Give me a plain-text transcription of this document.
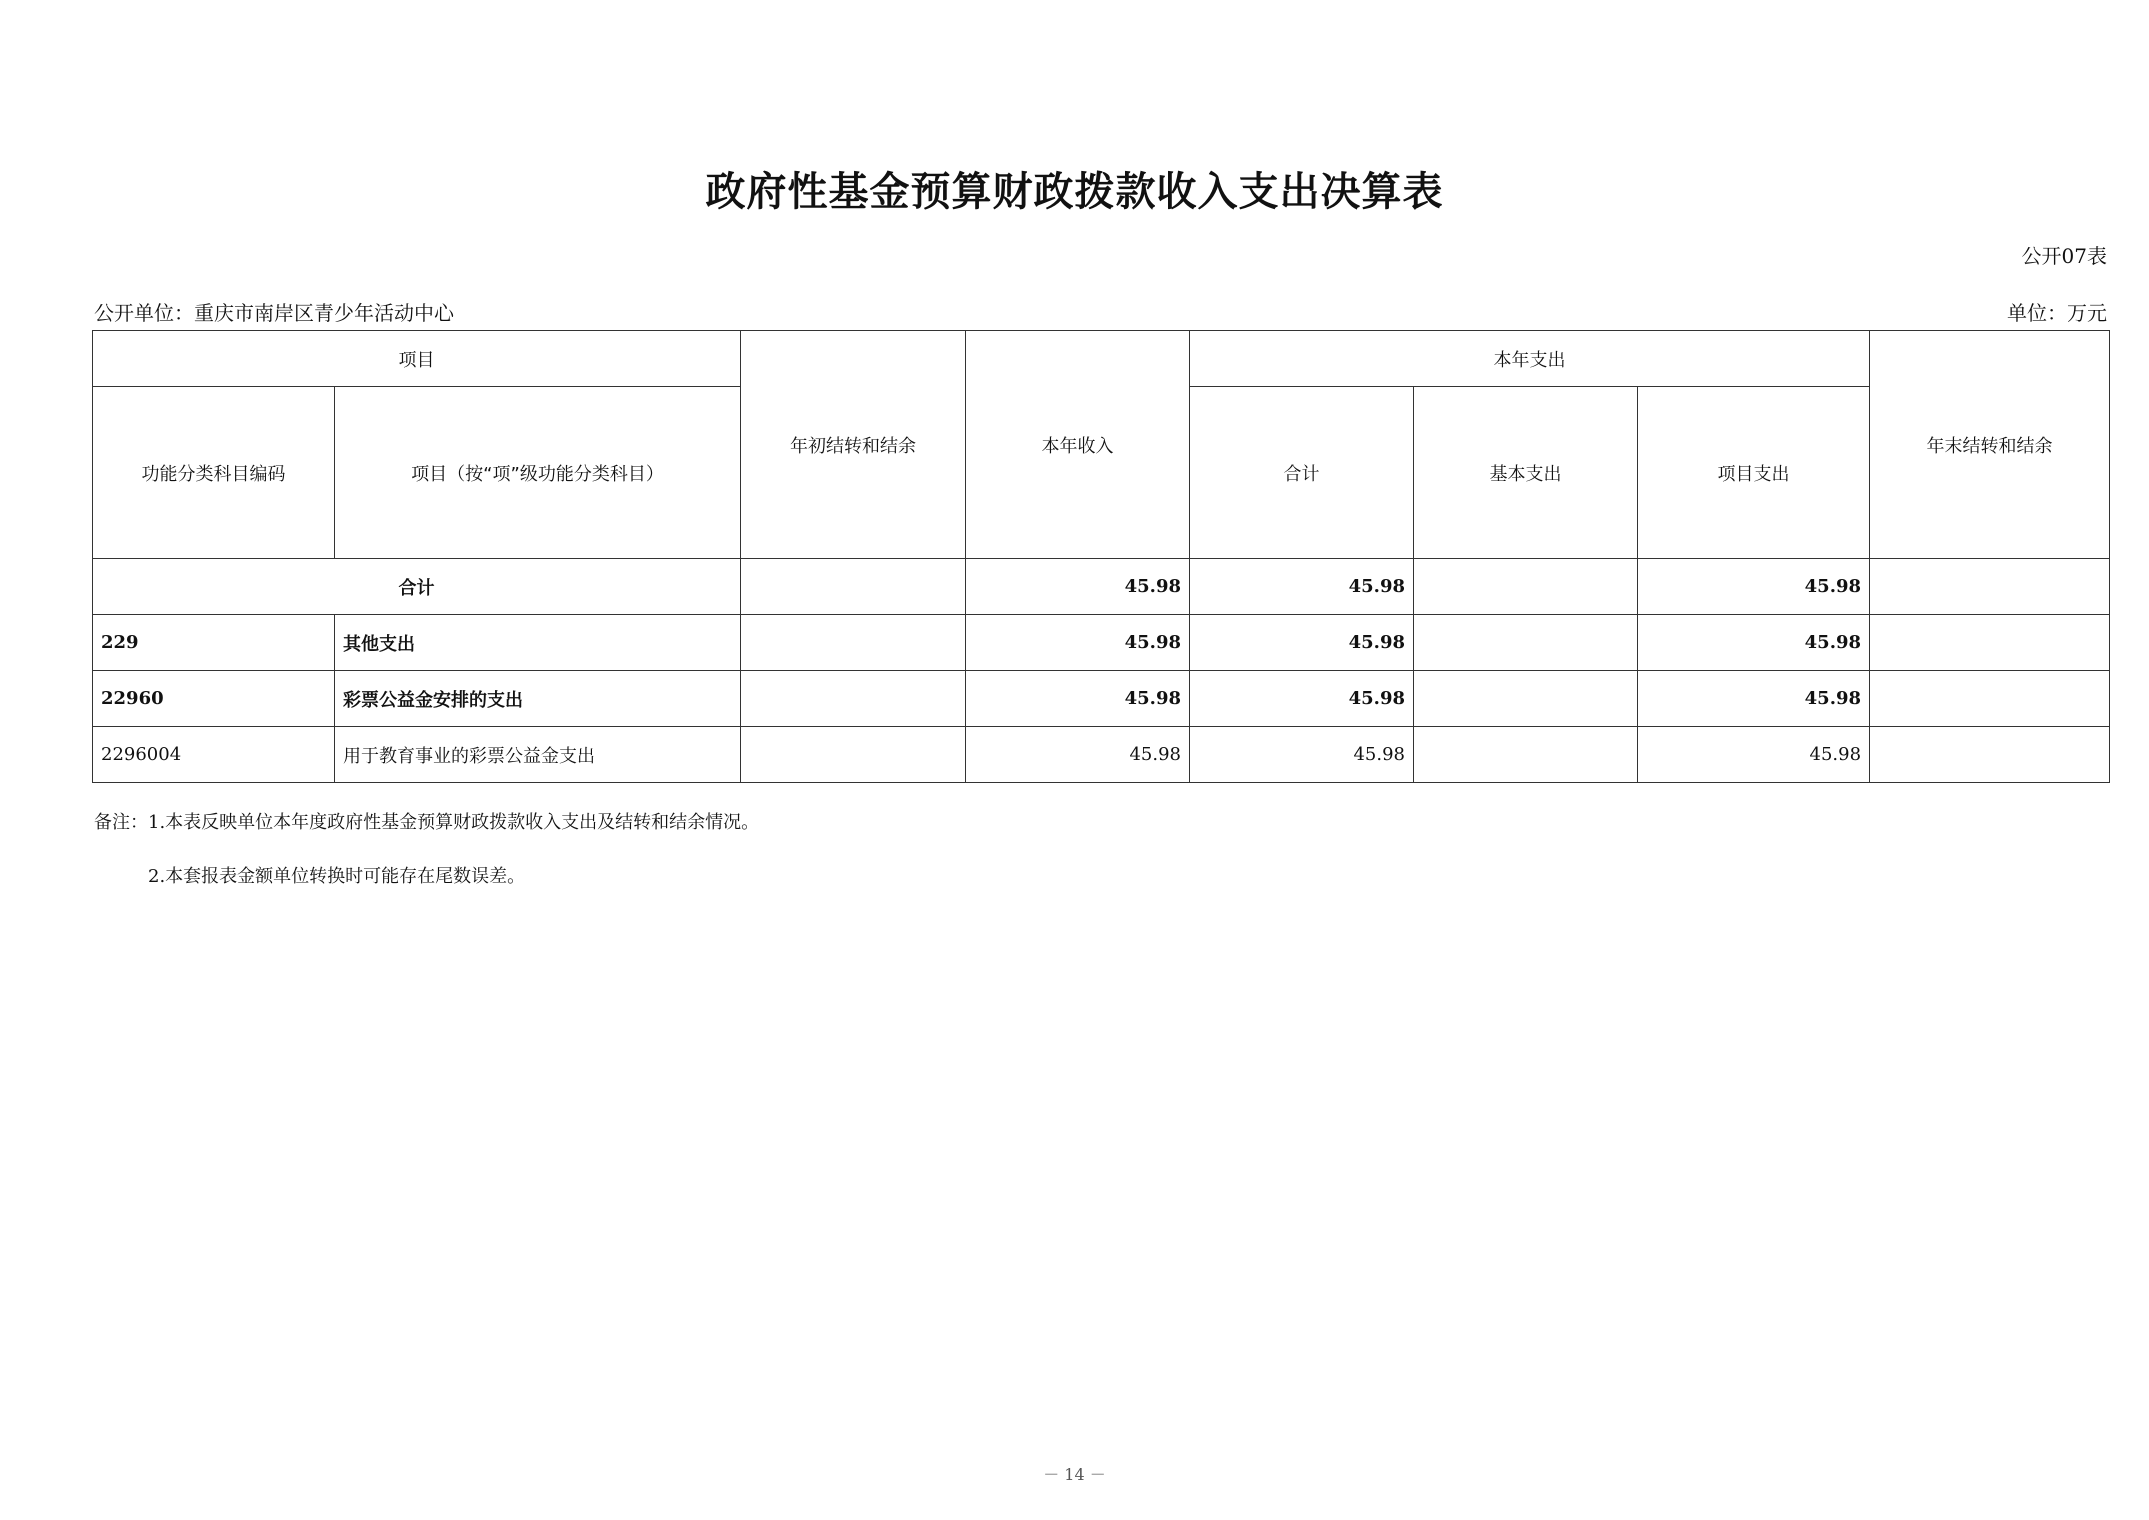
政府性基金预算财政拨款收入支出决算表
公开07表
公开单位：重庆市南岸区青少年活动中心	单位：万元
项目		年初结转和结余	本年收入	本年支出			年末结转和结余
功能分类科目编码	项目（按“项”级功能分类科目）			合计	基本支出	项目支出	
合计			45.98	45.98		45.98	
229	其他支出		45.98	45.98		45.98	
22960	彩票公益金安排的支出		45.98	45.98		45.98	
2296004	用于教育事业的彩票公益金支出		45.98	45.98		45.98	
备注：1.本表反映单位本年度政府性基金预算财政拨款收入支出及结转和结余情况。
2.本套报表金额单位转换时可能存在尾数误差。
－ 14 －
